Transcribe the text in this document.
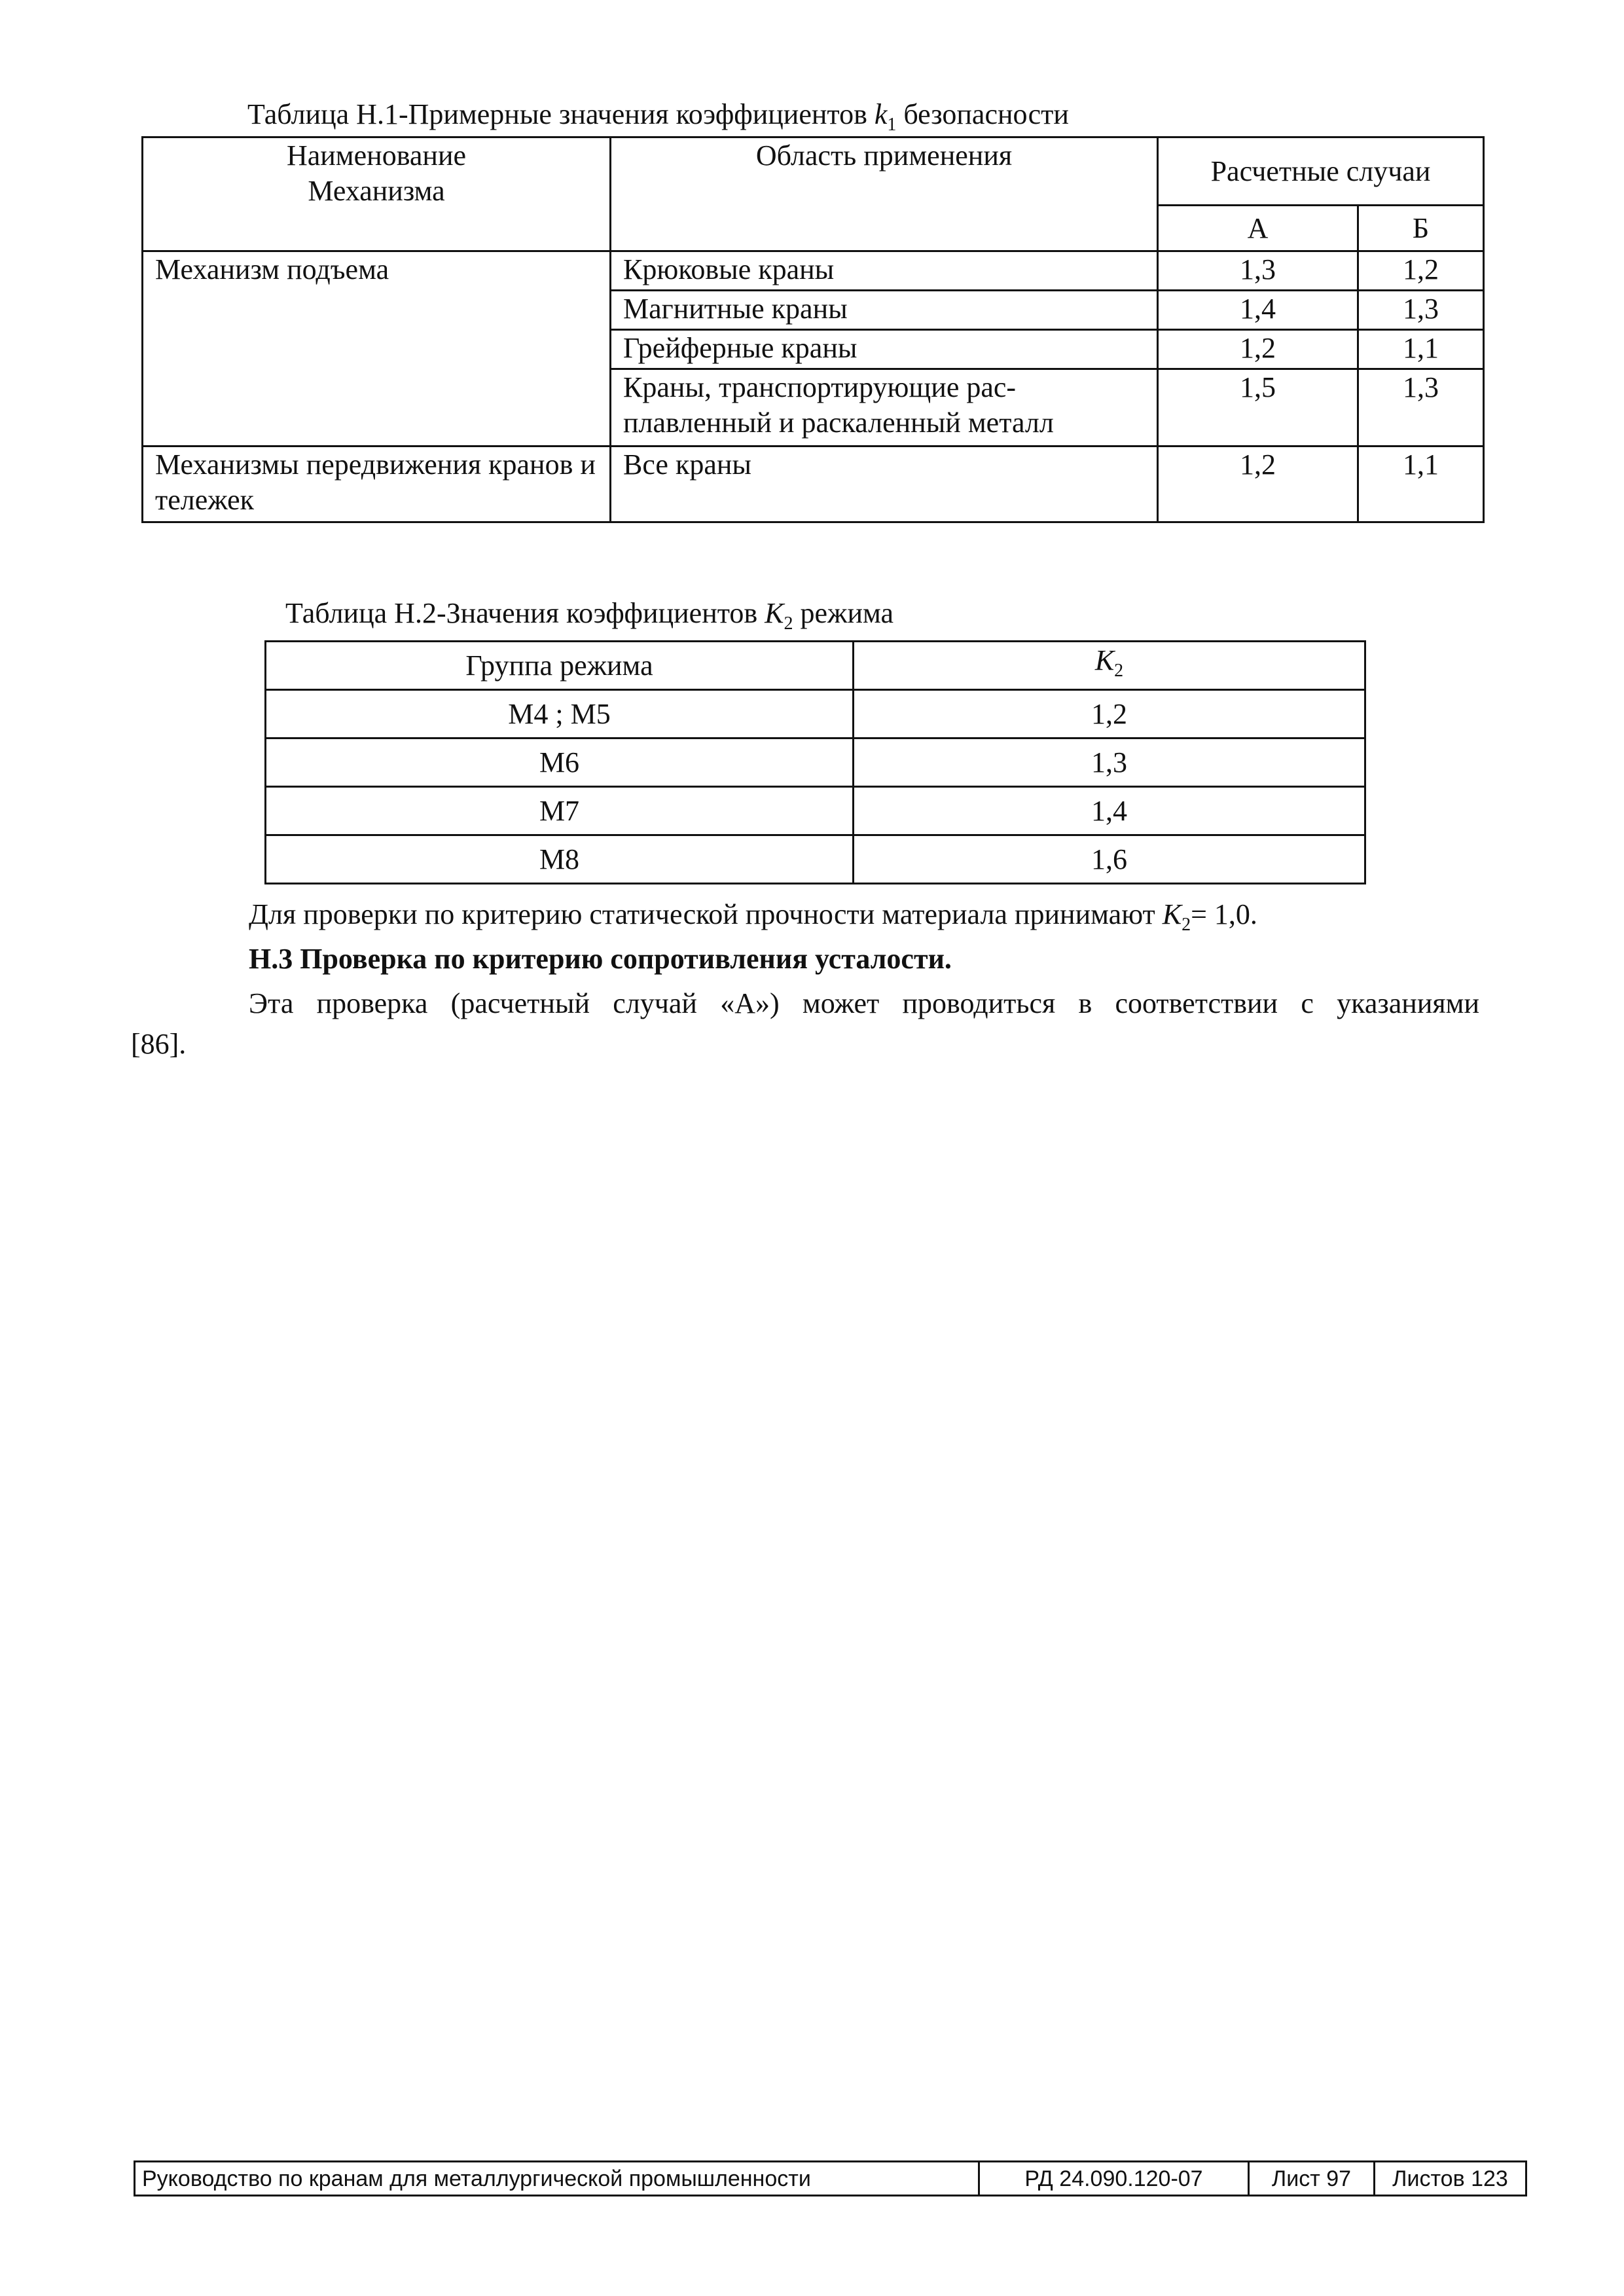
Таблица Н.1-Примерные значения коэффициентов $k_1$ безопасности
Наименование Механизма	Область применения	Расчетные случаи	
		А	Б
Механизм подъема	Крюковые краны	1,3	1,2
	Магнитные краны	1,4	1,3
	Грейферные краны	1,2	1,1
	Краны, транспортирующие рас-плавленный и раскаленный металл	1,5	1,3
Механизмы передвижения кранов и тележек	Все краны	1,2	1,1
Таблица Н.2-Значения коэффициентов $K_2$ режима
Группа режима	$K_2$
М4 ; М5	1,2
М6	1,3
М7	1,4
М8	1,6
Для проверки по критерию статической прочности материала принимают $K_2= 1,0$.
Н.3 Проверка по критерию сопротивления усталости.
Эта проверка (расчетный случай «А») может проводиться в соответствии с указаниями
[86].
Руководство по кранам для металлургической промышленности	РД 24.090.120-07	Лист 97	Листов 123
